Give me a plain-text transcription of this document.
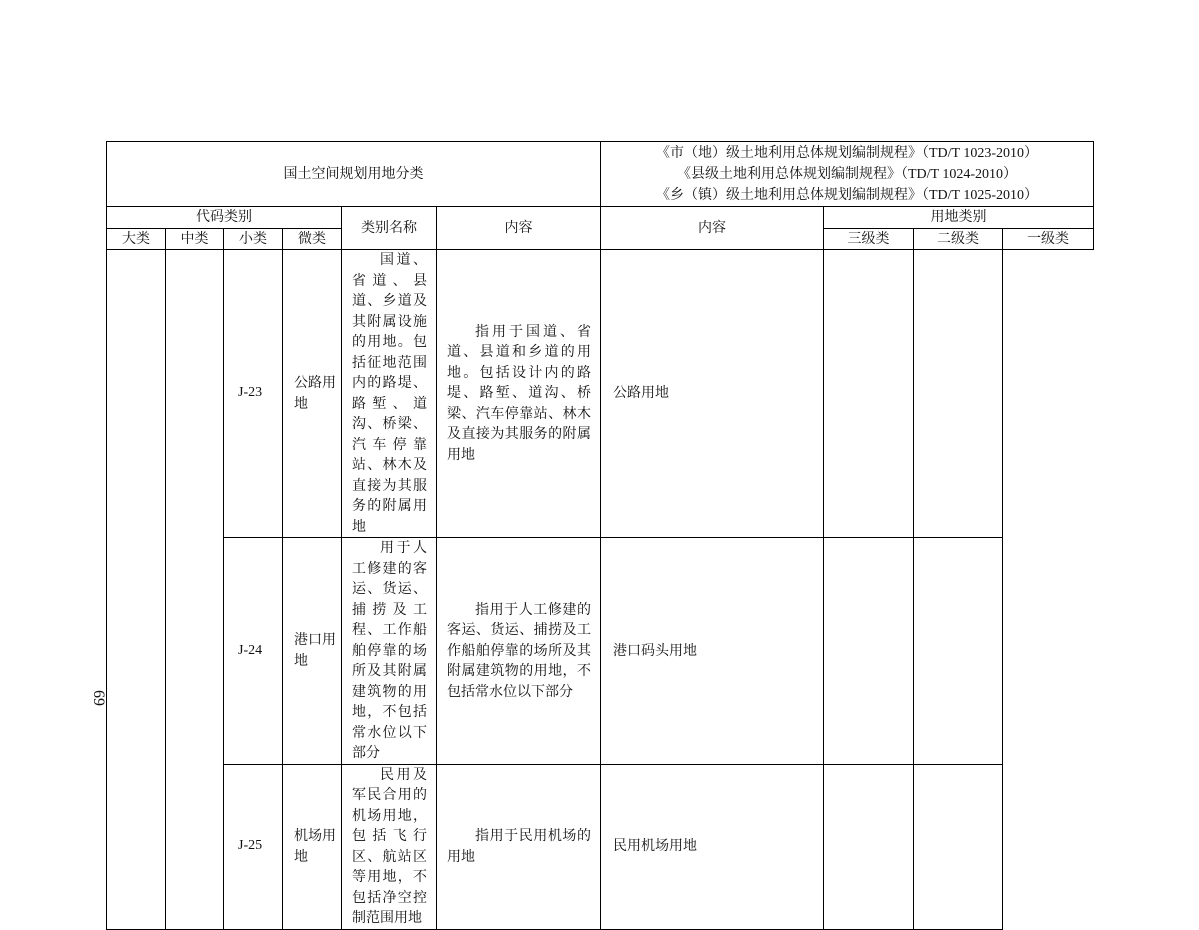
69
国土空间规划用地分类						《市（地）级土地利用总体规划编制规程》（TD/T 1023-2010）
《县级土地利用总体规划编制规程》（TD/T 1024-2010）
《乡（镇）级土地利用总体规划编制规程》（TD/T 1025-2010）			

代码类别				类别名称	内容	内容	用地类别		
大类	中类	小类	微类				三级类	二级类	一级类
		J-23	公路用地	国道、省道、县道、乡道及其附属设施的用地。包括征地范围内的路堤、路堑、道沟、桥梁、汽车停靠站、林木及直接为其服务的附属用地	指用于国道、省道、县道和乡道的用地。包括设计内的路堤、路堑、道沟、桥梁、汽车停靠站、林木及直接为其服务的附属用地	公路用地			
		J-24	港口用地	用于人工修建的客运、货运、捕捞及工程、工作船舶停靠的场所及其附属建筑物的用地，不包括常水位以下部分	指用于人工修建的客运、货运、捕捞及工作船舶停靠的场所及其附属建筑物的用地，不包括常水位以下部分	港口码头用地			
		J-25	机场用地	民用及军民合用的机场用地，包括飞行区、航站区等用地，不包括净空控制范围用地	指用于民用机场的用地	民用机场用地			
